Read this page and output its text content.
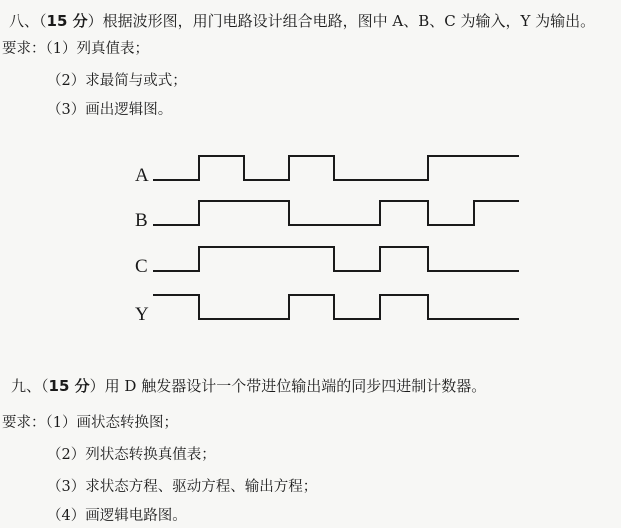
八、（15 分）根据波形图，用门电路设计组合电路，图中 A、B、C 为输入，Y 为输出。
要求：（1）列真值表；
（2）求最简与或式；
（3）画出逻辑图。
A
B
C
Y
九、（15 分）用 D 触发器设计一个带进位输出端的同步四进制计数器。
要求：（1）画状态转换图；
（2）列状态转换真值表；
（3）求状态方程、驱动方程、输出方程；
（4）画逻辑电路图。
